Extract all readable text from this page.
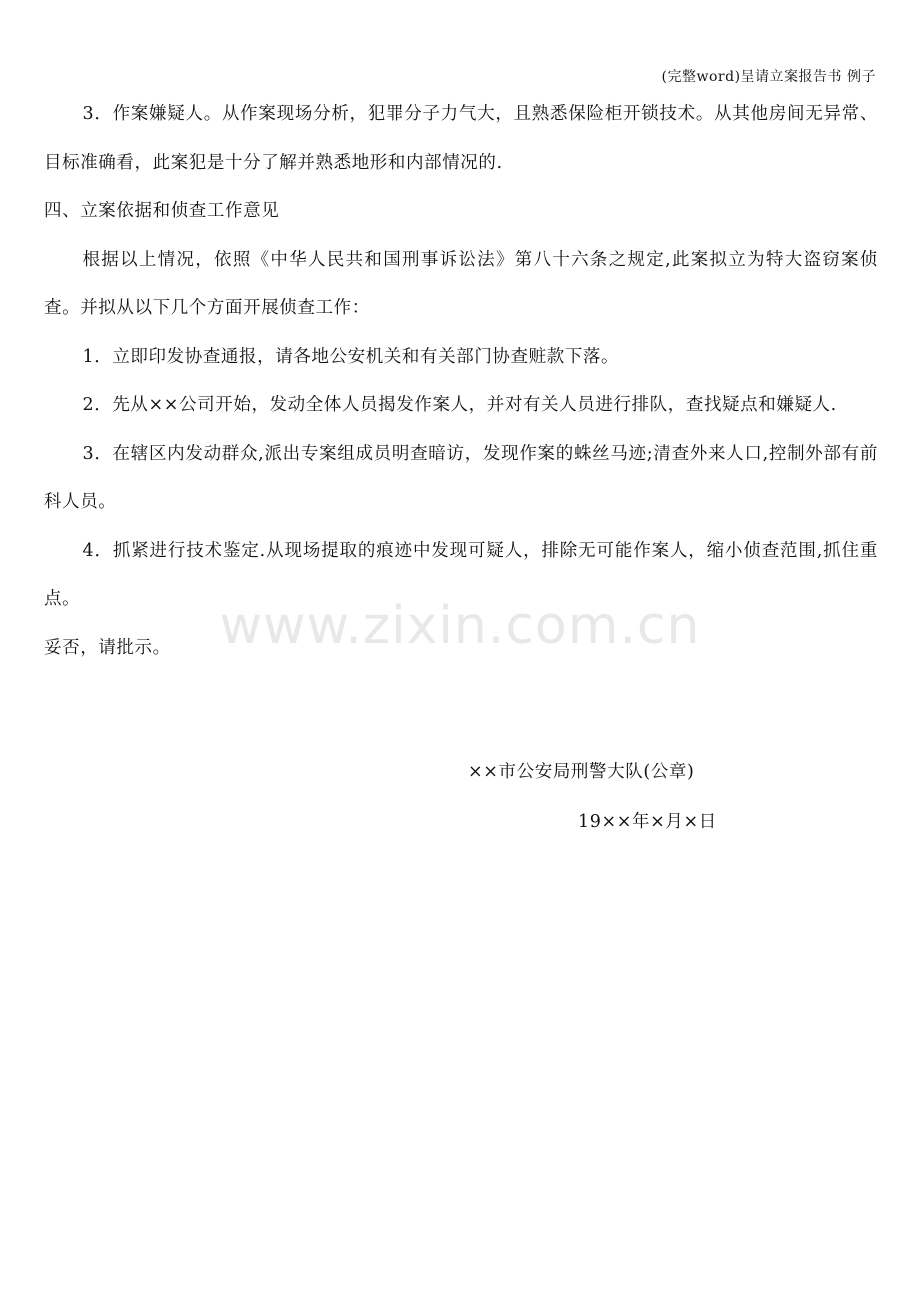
(完整word)呈请立案报告书 例子

3．作案嫌疑人。从作案现场分析，犯罪分子力气大，且熟悉保险柜开锁技术。从其他房间无异常、目标准确看，此案犯是十分了解并熟悉地形和内部情况的.

四、立案依据和侦查工作意见

根据以上情况，依照《中华人民共和国刑事诉讼法》第八十六条之规定,此案拟立为特大盗窃案侦查。并拟从以下几个方面开展侦查工作：

1．立即印发协查通报，请各地公安机关和有关部门协查赃款下落。

2．先从××公司开始，发动全体人员揭发作案人，并对有关人员进行排队，查找疑点和嫌疑人.

3．在辖区内发动群众,派出专案组成员明查暗访，发现作案的蛛丝马迹;清查外来人口,控制外部有前科人员。

4．抓紧进行技术鉴定.从现场提取的痕迹中发现可疑人，排除无可能作案人，缩小侦查范围,抓住重点。

妥否，请批示。

××市公安局刑警大队(公章)
19××年×月×日
www.zixin.com.cn
